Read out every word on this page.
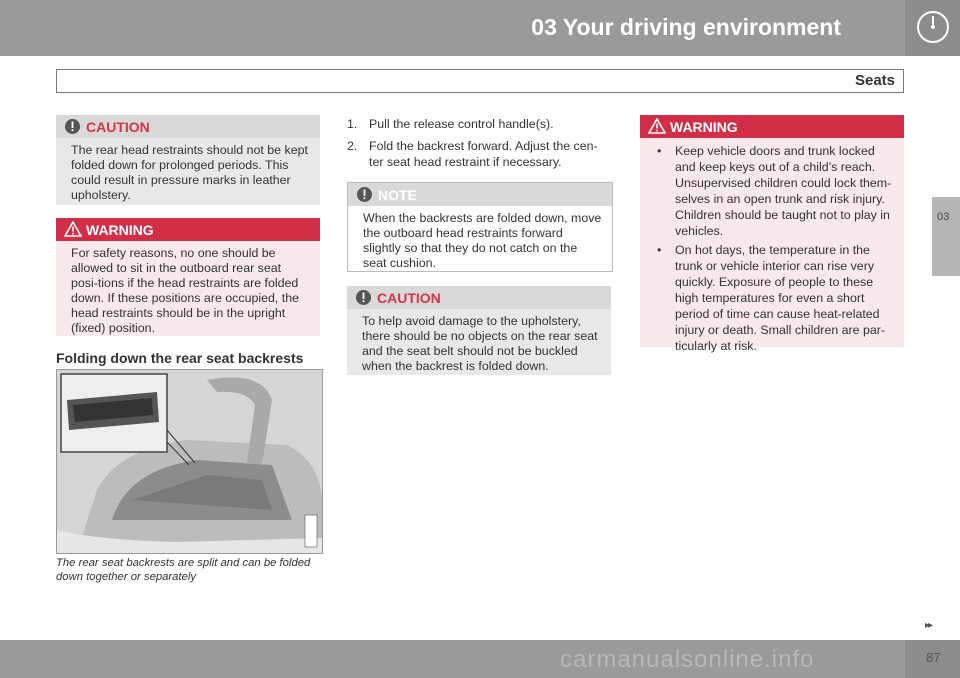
03 Your driving environment
Seats
03
CAUTION
The rear head restraints should not be kept folded down for prolonged periods. This could result in pressure marks in leather upholstery.
WARNING
For safety reasons, no one should be allowed to sit in the outboard rear seat posi-tions if the head restraints are folded down. If these positions are occupied, the head restraints should be in the upright (fixed) position.
Folding down the rear seat backrests
The rear seat backrests are split and can be folded down together or separately
1. Pull the release control handle(s).
2. Fold the backrest forward. Adjust the cen-ter seat head restraint if necessary.
NOTE
When the backrests are folded down, move the outboard head restraints forward slightly so that they do not catch on the seat cushion.
CAUTION
To help avoid damage to the upholstery, there should be no objects on the rear seat and the seat belt should not be buckled when the backrest is folded down.
WARNING
• Keep vehicle doors and trunk locked and keep keys out of a child’s reach. Unsupervised children could lock them-selves in an open trunk and risk injury. Children should be taught not to play in vehicles.
• On hot days, the temperature in the trunk or vehicle interior can rise very quickly. Exposure of people to these high temperatures for even a short period of time can cause heat-related injury or death. Small children are par-ticularly at risk.
▸▸
87
carmanualsonline.info
